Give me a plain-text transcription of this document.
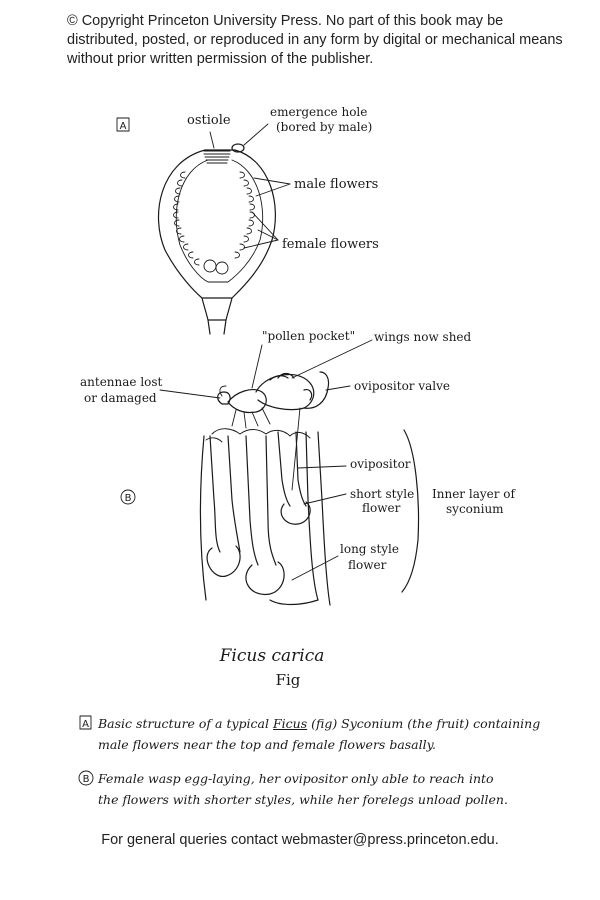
© Copyright Princeton University Press. No part of this book may be distributed, posted, or reproduced in any form by digital or mechanical means without prior written permission of the publisher.
A	ostiole
emergence hole
(bored by male)
male flowers
female flowers
B
"pollen pocket" wings now shed
antennae lost
or damaged
ovipositor valve
ovipositor
short style
flower
Inner layer of
syconium
long style
flower
Ficus carica
Fig
A
B
Basic structure of a typical Ficus (fig) Syconium (the fruit) containing
male flowers near the top and female flowers basally.
Female wasp egg-laying, her ovipositor only able to reach into
the flowers with shorter styles, while her forelegs unload pollen.
For general queries contact webmaster@press.princeton.edu.
